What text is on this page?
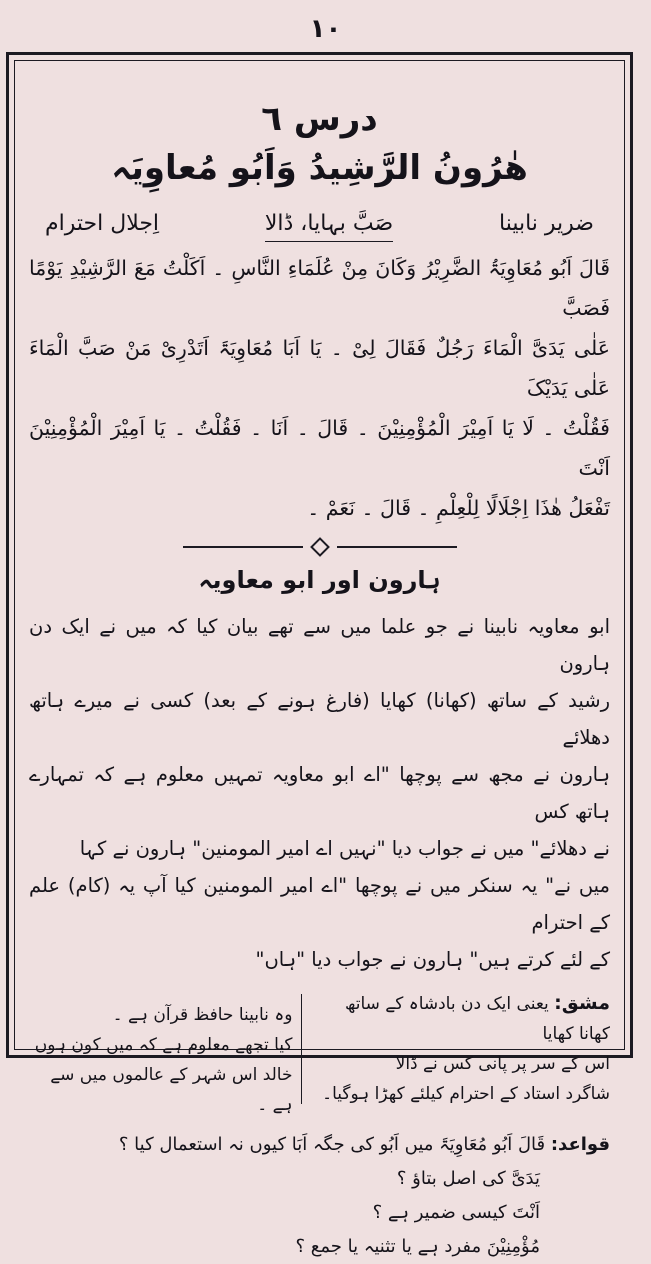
١٠
درس ٦
ھٰرُونُ الرَّشِیدُ وَاَبُو مُعاوِیَہ
ضریر نابینا
صَبَّ بہایا، ڈالا
اِجلال احترام
قَالَ اَبُو مُعَاوِیَۃُ الضَّرِیْرُ وَکَانَ مِنْ عُلَمَاءِ النَّاسِ ۔ اَکَلْتُ مَعَ الرَّشِیْدِ یَوْمًا فَصَبَّ
عَلٰی یَدَیَّ الْمَاءَ رَجُلٌ فَقَالَ لِیْ ۔ یَا اَبَا مُعَاوِیَۃَ اَتَدْرِیْ مَنْ صَبَّ الْمَاءَ عَلٰی یَدَیْکَ
فَقُلْتُ ۔ لَا یَا اَمِیْرَ الْمُؤْمِنِیْنَ ۔ قَالَ ۔ اَنَا ۔ فَقُلْتُ ۔ یَا اَمِیْرَ الْمُؤْمِنِیْنَ اَنْتَ
تَفْعَلُ ھٰذَا اِجْلَالًا لِلْعِلْمِ ۔ قَالَ ۔ نَعَمْ ۔
ہارون اور ابو معاویہ
ابو معاویہ نابینا نے جو علما میں سے تھے بیان کیا کہ میں نے ایک دن ہارون
رشید کے ساتھ (کھانا) کھایا (فارغ ہونے کے بعد) کسی نے میرے ہاتھ دھلائے
ہارون نے مجھ سے پوچھا "اے ابو معاویہ تمہیں معلوم ہے کہ تمہارے ہاتھ کس
نے دھلائے" میں نے جواب دیا "نہیں اے امیر المومنین" ہارون نے کہا
میں نے" یہ سنکر میں نے پوچھا "اے امیر المومنین کیا آپ یہ (کام) علم کے احترام
کے لئے کرتے ہیں" ہارون نے جواب دیا "ہاں"
مشق: یعنی ایک دن بادشاہ کے ساتھ کھانا کھایا
اس کے سر پر پانی کس نے ڈالا
شاگرد استاد کے احترام کیلئے کھڑا ہوگیا۔
وہ نابینا حافظ قرآن ہے ۔
کیا تجھے معلوم ہے کہ میں کون ہوں
خالد اس شہر کے عالموں میں سے ہے ۔
قواعد: قَالَ اَبُو مُعَاوِیَۃَ میں اَبُو کی جگہ اَبَا کیوں نہ استعمال کیا ؟
یَدَیَّ کی اصل بتاؤ ؟
اَنْتَ کیسی ضمیر ہے ؟
مُؤْمِنِیْنَ مفرد ہے یا تثنیہ یا جمع ؟
